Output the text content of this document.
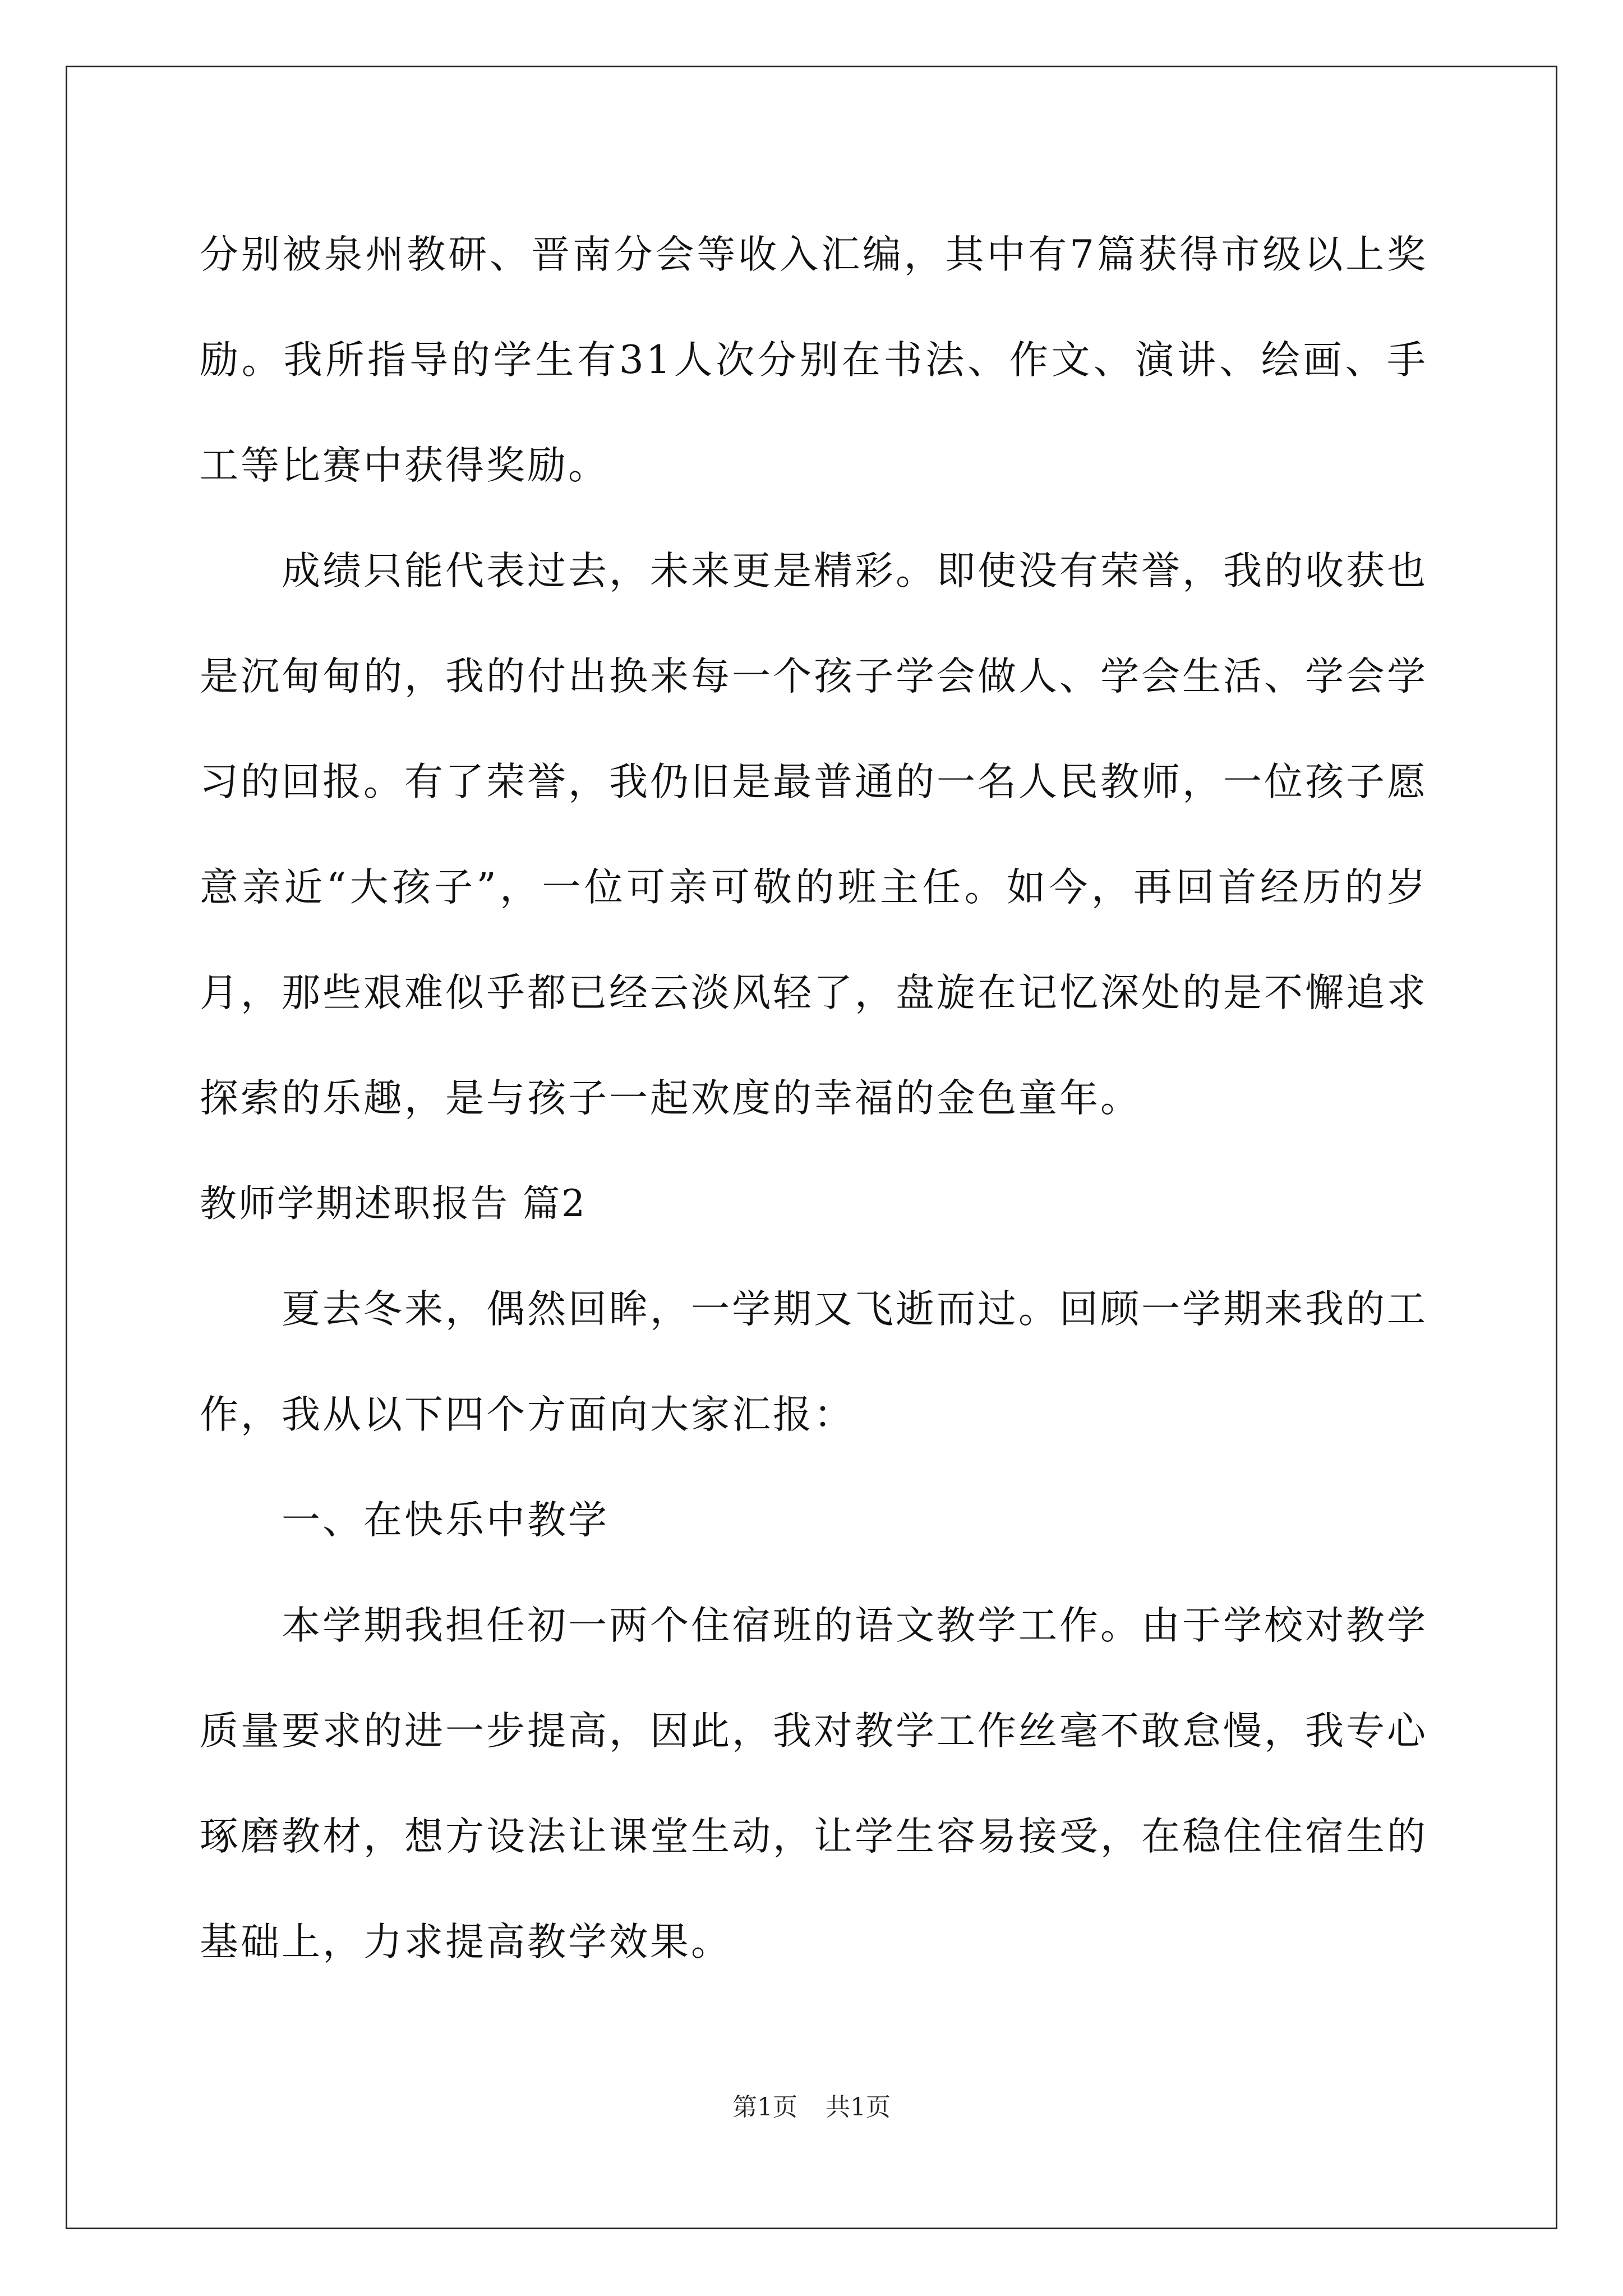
分别被泉州教研、晋南分会等收入汇编，其中有7篇获得市级以上奖励。我所指导的学生有31人次分别在书法、作文、演讲、绘画、手工等比赛中获得奖励。

成绩只能代表过去，未来更是精彩。即使没有荣誉，我的收获也是沉甸甸的，我的付出换来每一个孩子学会做人、学会生活、学会学习的回报。有了荣誉，我仍旧是最普通的一名人民教师，一位孩子愿意亲近“大孩子”，一位可亲可敬的班主任。如今，再回首经历的岁月，那些艰难似乎都已经云淡风轻了，盘旋在记忆深处的是不懈追求探索的乐趣，是与孩子一起欢度的幸福的金色童年。

教师学期述职报告 篇2

夏去冬来，偶然回眸，一学期又飞逝而过。回顾一学期来我的工作，我从以下四个方面向大家汇报：

一、在快乐中教学

本学期我担任初一两个住宿班的语文教学工作。由于学校对教学质量要求的进一步提高，因此，我对教学工作丝毫不敢怠慢，我专心琢磨教材，想方设法让课堂生动，让学生容易接受，在稳住住宿生的基础上，力求提高教学效果。

第1页 共1页
